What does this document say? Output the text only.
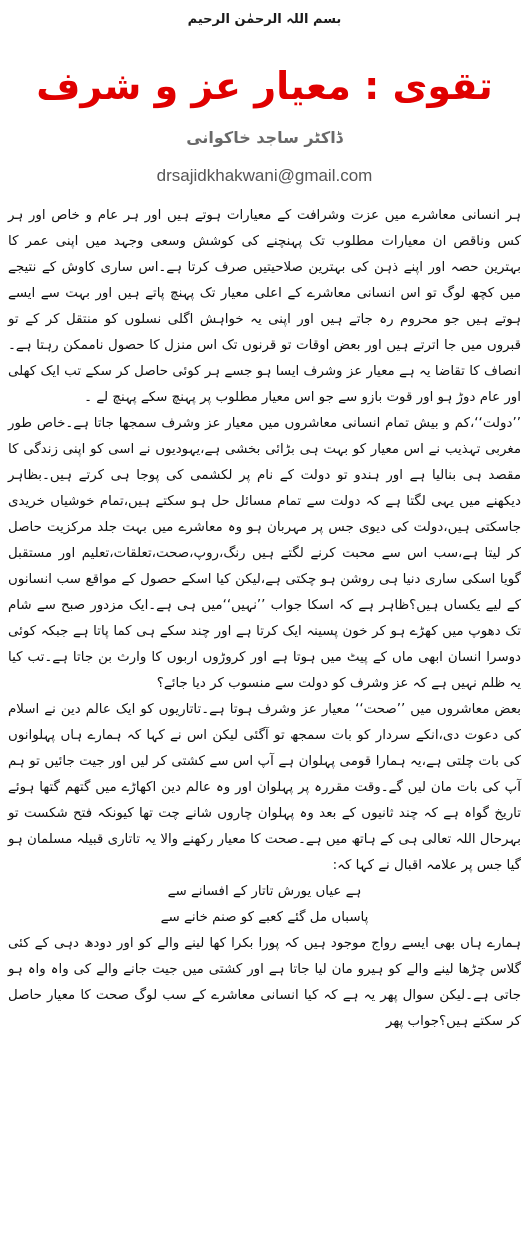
بسم اللہ الرحمٰن الرحیم
تقوی : معیار عز و شرف
ڈاکٹر ساجد خاکوانی
drsajidkhakwani@gmail.com

ہر انسانی معاشرے میں عزت وشرافت کے معیارات ہوتے ہیں اور ہر عام و خاص اور ہر کس وناقص ان معیارات مطلوب تک پہنچنے کی کوشش وسعی وجہد میں اپنی عمر کا بہترین حصہ اور اپنے ذہن کی بہترین صلاحیتیں صرف کرتا ہے۔اس ساری کاوش کے نتیجے میں کچھ لوگ تو اس انسانی معاشرے کے اعلی معیار تک پہنچ پاتے ہیں اور بہت سے ایسے ہوتے ہیں جو محروم رہ جاتے ہیں اور اپنی یہ خواہش اگلی نسلوں کو منتقل کر کے تو قبروں میں جا اترتے ہیں اور بعض اوقات تو قرنوں تک اس منزل کا حصول ناممکن رہتا ہے۔انصاف کا تقاضا یہ ہے معیار عز وشرف ایسا ہو جسے ہر کوئی حاصل کر سکے تب ایک کھلی اور عام دوڑ ہو اور قوت بازو سے جو اس معیار مطلوب پر پہنچ سکے پہنچ لے ۔

’’دولت‘‘،کم و بیش تمام انسانی معاشروں میں معیار عز وشرف سمجھا جاتا ہے۔خاص طور مغربی تہذیب نے اس معیار کو بہت ہی بڑائی بخشی ہے،یہودیوں نے اسی کو اپنی زندگی کا مقصد ہی بنالیا ہے اور ہندو تو دولت کے نام پر لکشمی کی پوجا ہی کرتے ہیں۔بظاہر دیکھنے میں یہی لگتا ہے کہ دولت سے تمام مسائل حل ہو سکتے ہیں،تمام خوشیاں خریدی جاسکتی ہیں،دولت کی دیوی جس پر مہربان ہو وہ معاشرے میں بہت جلد مرکزیت حاصل کر لیتا ہے،سب اس سے محبت کرنے لگتے ہیں رنگ،روپ،صحت،تعلقات،تعلیم اور مستقبل گویا اسکی ساری دنیا ہی روشن ہو چکتی ہے،لیکن کیا اسکے حصول کے مواقع سب انسانوں کے لیے یکساں ہیں؟ظاہر ہے کہ اسکا جواب ’’نہیں‘‘میں ہی ہے۔ایک مزدور صبح سے شام تک دھوپ میں کھڑے ہو کر خون پسینہ ایک کرتا ہے اور چند سکے ہی کما پاتا ہے جبکہ کوئی دوسرا انسان ابھی ماں کے پیٹ میں ہوتا ہے اور کروڑوں اربوں کا وارث بن جاتا ہے۔تب کیا یہ ظلم نہیں ہے کہ عز وشرف کو دولت سے منسوب کر دیا جائے؟

بعض معاشروں میں ’’صحت‘‘ معیار عز وشرف ہوتا ہے۔تاتاریوں کو ایک عالم دین نے اسلام کی دعوت دی،انکے سردار کو بات سمجھ تو آگئی لیکن اس نے کہا کہ ہمارے ہاں پہلوانوں کی بات چلتی ہے،یہ ہمارا قومی پہلوان ہے آپ اس سے کشتی کر لیں اور جیت جائیں تو ہم آپ کی بات مان لیں گے۔وقت مقررہ پر پہلوان اور وہ عالم دین اکھاڑے میں گتھم گتھا ہوئے تاریخ گواہ ہے کہ چند ثانیوں کے بعد وہ پہلوان چاروں شانے چت تھا کیونکہ فتح شکست تو بہرحال اللہ تعالی ہی کے ہاتھ میں ہے۔صحت کا معیار رکھنے والا یہ تاتاری قبیلہ مسلمان ہو گیا جس پر علامہ اقبال نے کہا کہ:

ہے عیاں یورش تاتار کے افسانے سے
پاسباں مل گئے کعبے کو صنم خانے سے

ہمارے ہاں بھی ایسے رواج موجود ہیں کہ پورا بکرا کھا لینے والے کو اور دودھ دہی کے کئی گلاس چڑھا لینے والے کو ہیرو مان لیا جاتا ہے اور کشتی میں جیت جانے والے کی واہ واہ ہو جاتی ہے۔لیکن سوال پھر یہ ہے کہ کیا انسانی معاشرے کے سب لوگ صحت کا معیار حاصل کر سکتے ہیں؟جواب پھر
